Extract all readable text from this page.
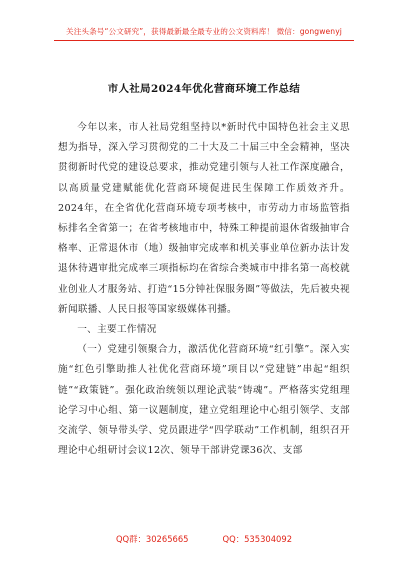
关注头条号“公文研究”，获得最新最全最专业的公文资料库！ 微信：gongwenyj
市人社局2024年优化营商环境工作总结

今年以来，市人社局党组坚持以*新时代中国特色社会主义思想为指导，深入学习贯彻党的二十大及二十届三中全会精神，坚决贯彻新时代党的建设总要求，推动党建引领与人社工作深度融合，以高质量党建赋能优化营商环境促进民生保障工作质效齐升。2024年，在全省优化营商环境专项考核中，市劳动力市场监管指标排名全省第一；在省考核地市中，特殊工种提前退休省级抽审合格率、正常退休市（地）级抽审完成率和机关事业单位新办法计发退休待遇审批完成率三项指标均在省综合类城市中排名第一高校就业创业人才服务站、打造“15分钟社保服务圈”等做法，先后被央视新闻联播、人民日报等国家级媒体刊播。

一、主要工作情况

（一）党建引领聚合力，激活优化营商环境“红引擎”。深入实施“红色引擎助推人社优化营商环境”项目以“党建链”串起“组织链”“政策链”。强化政治统领以理论武装“铸魂”。严格落实党组理论学习中心组、第一议题制度，建立党组理论中心组引领学、支部交流学、领导带头学、党员跟进学“四学联动”工作机制，组织召开理论中心组研讨会议12次、领导干部讲党课36次、支部

QQ群：30265665	QQ：535304092
